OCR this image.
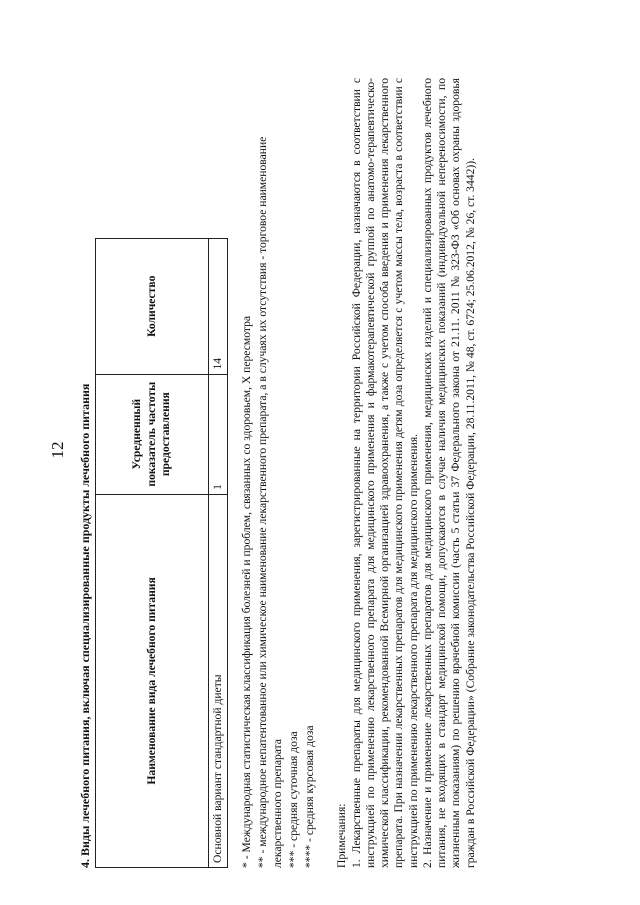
12 4. Виды лечебного питания, включая специализированные продукты лечебного питания	Наименование вида лечебного питания	Усредненный показатель частоты предоставления	Количество
Основной вариант стандартной диеты	1	14 * - Международная статистическая классификация болезней и проблем, связанных со здоровьем, X пересмотра ** - международное непатентованное или химическое наименование лекарственного препарата, а в случаях их отсутствия - торговое наименование лекарственного препарата *** - средняя суточная доза **** - средняя курсовая доза Примечания: 1. Лекарственные препараты для медицинского применения, зарегистрированные на территории Российской Федерации, назначаются в соответствии с инструкцией по применению лекарственного препарата для медицинского применения и фармакотерапевтической группой по анатомо-терапевтическо-химической классификации, рекомендованной Всемирной организацией здравоохранения, а также с учетом способа введения и применения лекарственного препарата. При назначении лекарственных препаратов для медицинского применения детям доза определяется с учетом массы тела, возраста в соответствии с инструкцией по применению лекарственного препарата для медицинского применения. 2. Назначение и применение лекарственных препаратов для медицинского применения, медицинских изделий и специализированных продуктов лечебного питания, не входящих в стандарт медицинской помощи, допускаются в случае наличия медицинских показаний (индивидуальной непереносимости, по жизненным показаниям) по решению врачебной комиссии (часть 5 статьи 37 Федерального закона от 21.11. 2011 № 323-ФЗ «Об основах охраны здоровья граждан в Российской Федерации» (Собрание законодательства Российской Федерации, 28.11.2011, № 48, ст. 6724; 25.06.2012, № 26, ст. 3442)).
